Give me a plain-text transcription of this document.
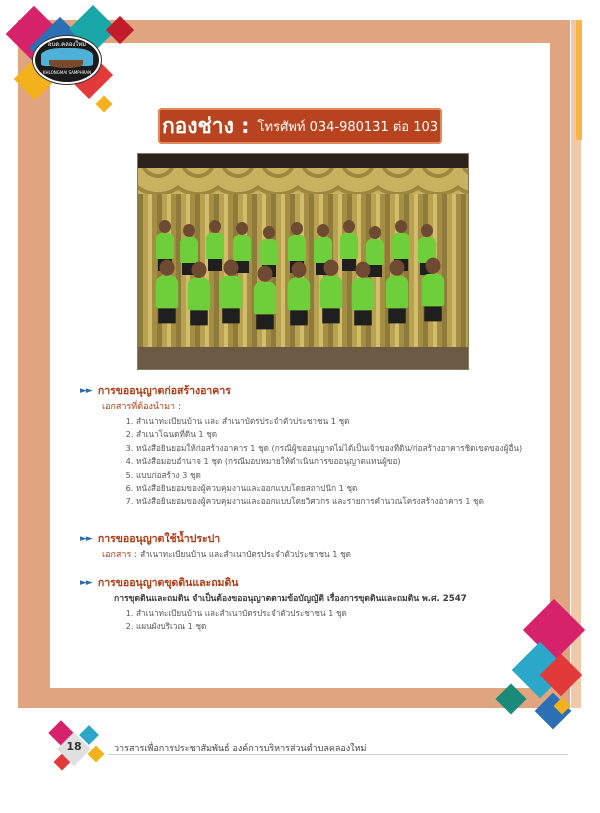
อบต.คลองใหม่
KHLONGMAI SAMPHRAN
กองช่าง : โทรศัพท์ 034-980131 ต่อ 103
►► การขออนุญาตก่อสร้างอาคาร
เอกสารที่ต้องนำมา :
1. สำเนาทะเบียนบ้าน และ สำเนาบัตรประจำตัวประชาชน 1 ชุด
2. สำเนาโฉนดที่ดิน 1 ชุด
3. หนังสือยินยอมให้ก่อสร้างอาคาร 1 ชุด (กรณีผู้ขออนุญาตไม่ได้เป็นเจ้าของที่ดิน/ก่อสร้างอาคารชิดเขตของผู้อื่น)
4. หนังสือมอบอำนาจ 1 ชุด (กรณีมอบหมายให้ดำเนินการขออนุญาตแทนผู้ขอ)
5. แบบก่อสร้าง 3 ชุด
6. หนังสือยินยอมของผู้ควบคุมงานและออกแบบโดยสถาปนิก 1 ชุด
7. หนังสือยินยอมของผู้ควบคุมงานและออกแบบโดยวิศวกร และรายการคำนวณโครงสร้างอาคาร 1 ชุด
►► การขออนุญาตใช้น้ำประปา
เอกสาร : สำเนาทะเบียนบ้าน และสำเนาบัตรประจำตัวประชาชน 1 ชุด
►► การขออนุญาตขุดดินและถมดิน
การขุดดินและถมดิน จำเป็นต้องขออนุญาตตามข้อบัญญัติ เรื่องการขุดดินและถมดิน พ.ศ. 2547
1. สำเนาทะเบียนบ้าน และสำเนาบัตรประจำตัวประชาชน 1 ชุด
2. แผนผังบริเวณ 1 ชุด
18	วารสารเพื่อการประชาสัมพันธ์ องค์การบริหารส่วนตำบลคลองใหม่
